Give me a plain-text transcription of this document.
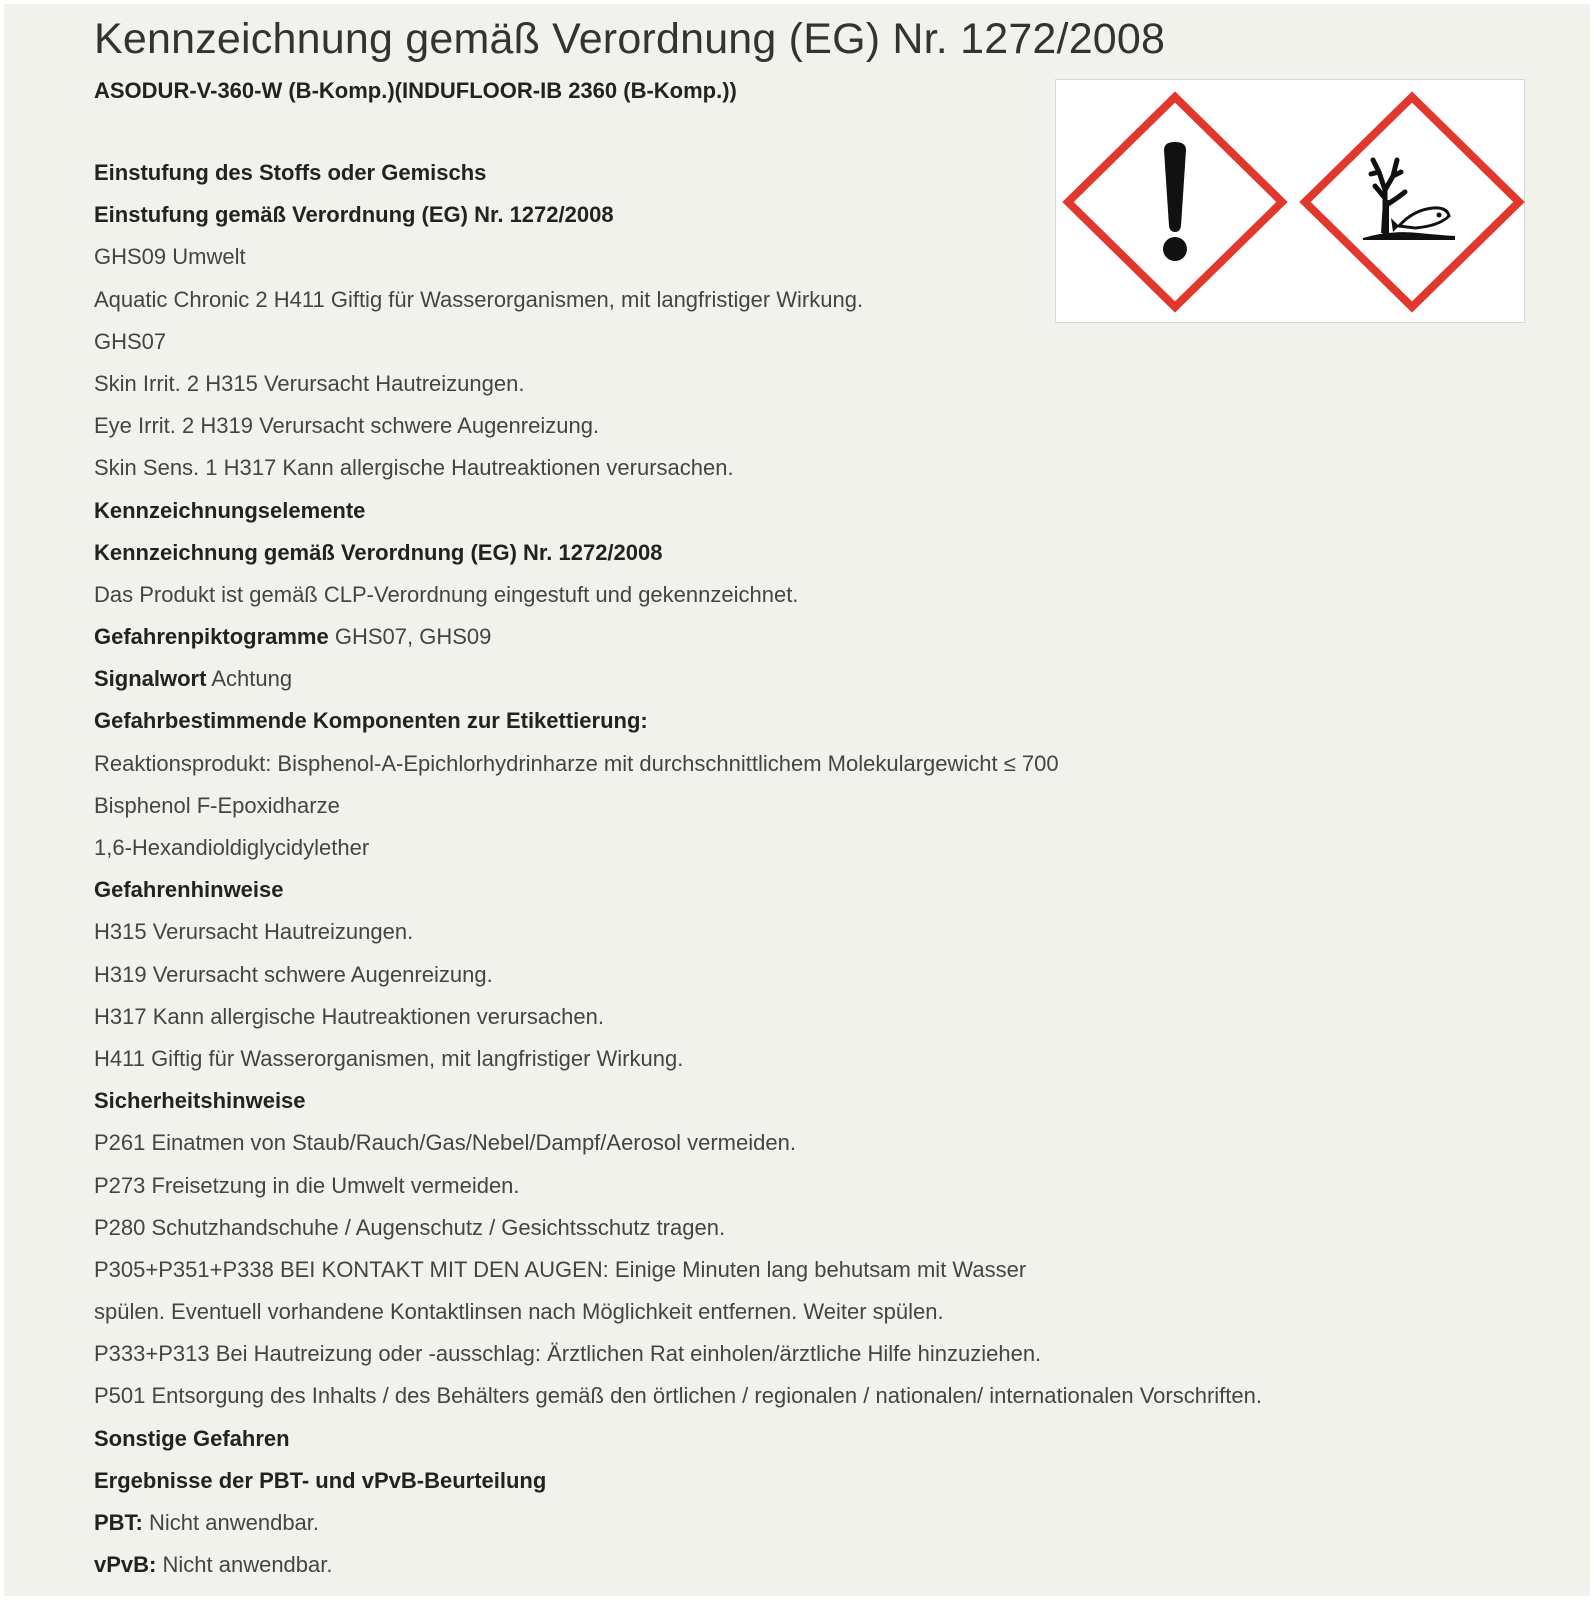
Kennzeichnung gemäß Verordnung (EG) Nr. 1272/2008
ASODUR-V-360-W (B-Komp.)(INDUFLOOR-IB 2360 (B-Komp.))
Einstufung des Stoffs oder Gemischs
Einstufung gemäß Verordnung (EG) Nr. 1272/2008
GHS09 Umwelt
Aquatic Chronic 2 H411 Giftig für Wasserorganismen, mit langfristiger Wirkung.
GHS07
Skin Irrit. 2 H315 Verursacht Hautreizungen.
Eye Irrit. 2 H319 Verursacht schwere Augenreizung.
Skin Sens. 1 H317 Kann allergische Hautreaktionen verursachen.
Kennzeichnungselemente
Kennzeichnung gemäß Verordnung (EG) Nr. 1272/2008
Das Produkt ist gemäß CLP-Verordnung eingestuft und gekennzeichnet.
Gefahrenpiktogramme GHS07, GHS09
Signalwort Achtung
Gefahrbestimmende Komponenten zur Etikettierung:
Reaktionsprodukt: Bisphenol-A-Epichlorhydrinharze mit durchschnittlichem Molekulargewicht ≤ 700
Bisphenol F-Epoxidharze
1,6-Hexandioldiglycidylether
Gefahrenhinweise
H315 Verursacht Hautreizungen.
H319 Verursacht schwere Augenreizung.
H317 Kann allergische Hautreaktionen verursachen.
H411 Giftig für Wasserorganismen, mit langfristiger Wirkung.
Sicherheitshinweise
P261 Einatmen von Staub/Rauch/Gas/Nebel/Dampf/Aerosol vermeiden.
P273 Freisetzung in die Umwelt vermeiden.
P280 Schutzhandschuhe / Augenschutz / Gesichtsschutz tragen.
P305+P351+P338 BEI KONTAKT MIT DEN AUGEN: Einige Minuten lang behutsam mit Wasser
spülen. Eventuell vorhandene Kontaktlinsen nach Möglichkeit entfernen. Weiter spülen.
P333+P313 Bei Hautreizung oder -ausschlag: Ärztlichen Rat einholen/ärztliche Hilfe hinzuziehen.
P501 Entsorgung des Inhalts / des Behälters gemäß den örtlichen / regionalen / nationalen/ internationalen Vorschriften.
Sonstige Gefahren
Ergebnisse der PBT- und vPvB-Beurteilung
PBT: Nicht anwendbar.
vPvB: Nicht anwendbar.
